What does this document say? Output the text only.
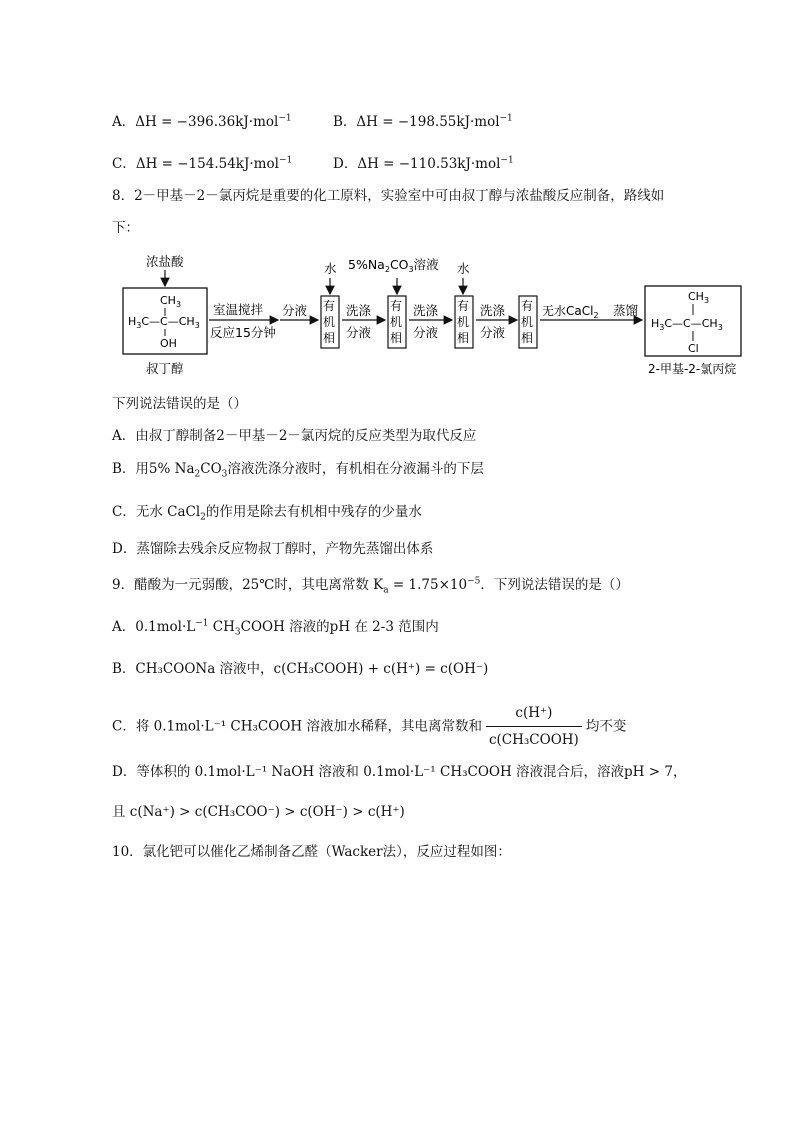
A．ΔH = −396.36kJ·mol$^{-1}$	B．ΔH = −198.55kJ·mol$^{-1}$
C．ΔH = −154.54kJ·mol$^{-1}$	D．ΔH = −110.53kJ·mol$^{-1}$
8．2－甲基－2－氯丙烷是重要的化工原料，实验室中可由叔丁醇与浓盐酸反应制备，路线如
下：
浓盐酸
$CH_3$
$H_3C—C—CH_3$
OH
叔丁醇
室温搅拌
反应15分钟
分液
水
有
机
相
洗涤
分液
$5\%Na_2CO_3$溶液
有
机
相
洗涤
分液
水
有
机
相
洗涤
分液
有
机
相
无水CaCl$_2$ 蒸馏
$CH_3$
$H_3C—C—CH_3$
Cl
2-甲基-2-氯丙烷
下列说法错误的是（）
A．由叔丁醇制备2－甲基－2－氯丙烷的反应类型为取代反应
B．用5% $Na_2CO_3$溶液洗涤分液时，有机相在分液漏斗的下层
C．无水 CaCl$_2$的作用是除去有机相中残存的少量水
D．蒸馏除去残余反应物叔丁醇时，产物先蒸馏出体系
9．醋酸为一元弱酸，25℃时，其电离常数 $K_a = 1.75\times 10^{-5}$．下列说法错误的是（）
A．$0.1mol\cdot L^{-1}$ $CH_3COOH$ 溶液的pH 在 2-3 范围内
B．CH₃COONa 溶液中，c(CH₃COOH) + c(H⁺) = c(OH⁻)
C．将 0.1mol·L⁻¹ CH₃COOH 溶液加水稀释，其电离常数和 $\frac{c(H^+)}{\text{c(CH₃COOH)}}$ 均不变
D．等体积的 0.1mol·L⁻¹ NaOH 溶液和 0.1mol·L⁻¹ CH₃COOH 溶液混合后，溶液pH > 7，
且 c(Na⁺) > c(CH₃COO⁻) > c(OH⁻) > c(H⁺)
10．氯化钯可以催化乙烯制备乙醛（Wacker法），反应过程如图：
